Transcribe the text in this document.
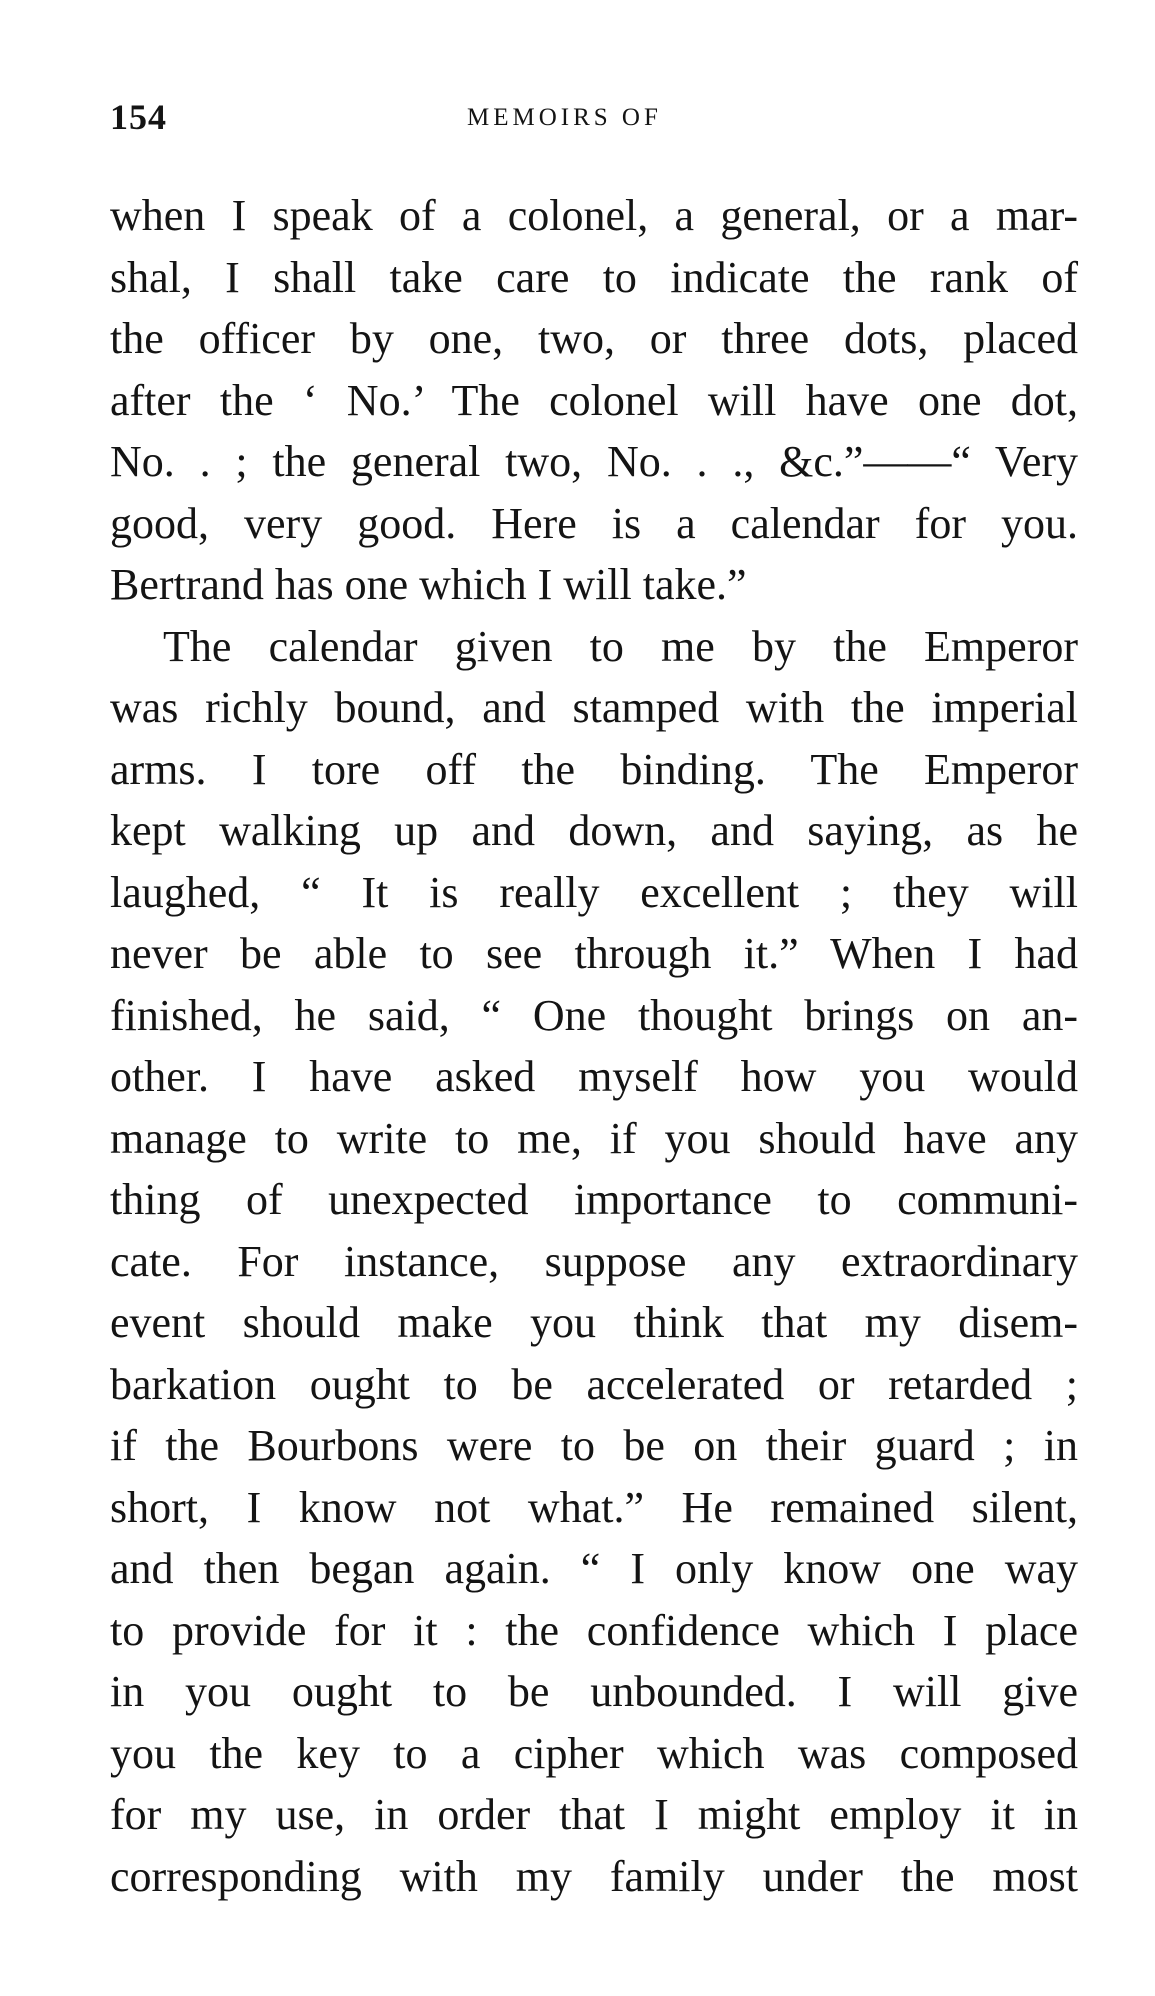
154	MEMOIRS OF
when I speak of a colonel, a general, or a mar-
shal, I shall take care to indicate the rank of
the officer by one, two, or three dots, placed
after the ‘ No.’ The colonel will have one dot,
No. . ; the general two, No. . ., &c.”——“ Very
good, very good. Here is a calendar for you.
Bertrand has one which I will take.”
The calendar given to me by the Emperor
was richly bound, and stamped with the imperial
arms. I tore off the binding. The Emperor
kept walking up and down, and saying, as he
laughed, “ It is really excellent ; they will
never be able to see through it.” When I had
finished, he said, “ One thought brings on an-
other. I have asked myself how you would
manage to write to me, if you should have any
thing of unexpected importance to communi-
cate. For instance, suppose any extraordinary
event should make you think that my disem-
barkation ought to be accelerated or retarded ;
if the Bourbons were to be on their guard ; in
short, I know not what.” He remained silent,
and then began again. “ I only know one way
to provide for it : the confidence which I place
in you ought to be unbounded. I will give
you the key to a cipher which was composed
for my use, in order that I might employ it in
corresponding with my family under the most
